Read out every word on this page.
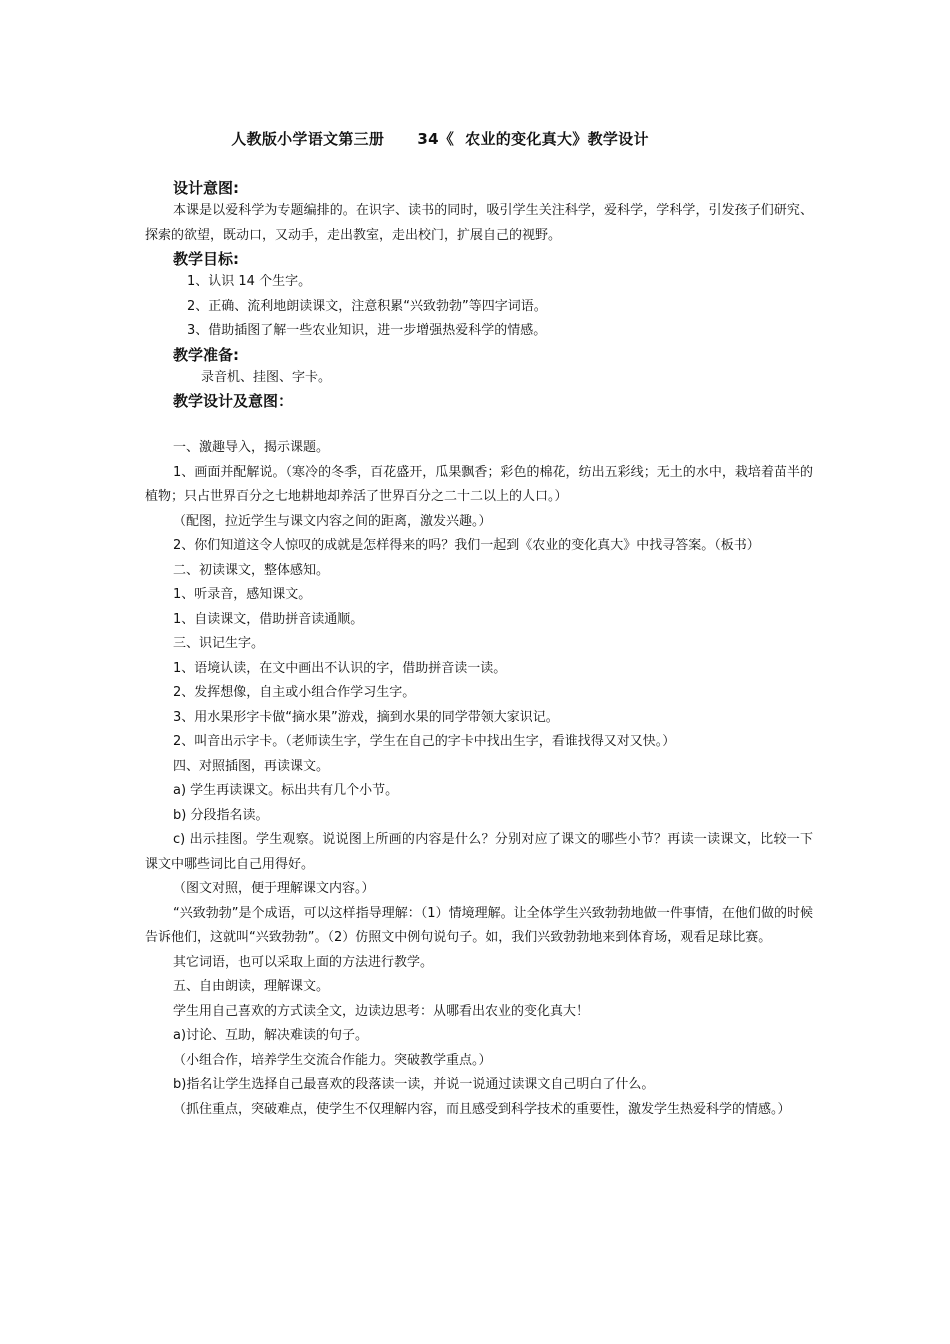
人教版小学语文第三册      34《  农业的变化真大》教学设计

设计意图:

本课是以爱科学为专题编排的。在识字、读书的同时，吸引学生关注科学，爱科学，学科学，引发孩子们研究、探索的欲望，既动口，又动手，走出教室，走出校门，扩展自己的视野。

教学目标:

1、认识 14 个生字。

2、正确、流利地朗读课文，注意积累“兴致勃勃”等四字词语。

3、借助插图了解一些农业知识，进一步增强热爱科学的情感。

教学准备:

录音机、挂图、字卡。

教学设计及意图：

一、激趣导入，揭示课题。

1、画面并配解说。（寒冷的冬季，百花盛开，瓜果飘香；彩色的棉花，纺出五彩线；无土的水中，栽培着苗半的植物；只占世界百分之七地耕地却养活了世界百分之二十二以上的人口。）

（配图，拉近学生与课文内容之间的距离，激发兴趣。）

2、你们知道这令人惊叹的成就是怎样得来的吗？我们一起到《农业的变化真大》中找寻答案。（板书）

二、初读课文，整体感知。

1、听录音，感知课文。

1、自读课文，借助拼音读通顺。

三、识记生字。

1、语境认读，在文中画出不认识的字，借助拼音读一读。

2、发挥想像，自主或小组合作学习生字。

3、用水果形字卡做“摘水果”游戏，摘到水果的同学带领大家识记。

2、叫音出示字卡。（老师读生字，学生在自己的字卡中找出生字，看谁找得又对又快。）

四、对照插图，再读课文。

a) 学生再读课文。标出共有几个小节。

b) 分段指名读。

c) 出示挂图。学生观察。说说图上所画的内容是什么？分别对应了课文的哪些小节？再读一读课文，比较一下课文中哪些词比自己用得好。

（图文对照，便于理解课文内容。）

“兴致勃勃”是个成语，可以这样指导理解：（1）情境理解。让全体学生兴致勃勃地做一件事情，在他们做的时候告诉他们，这就叫“兴致勃勃”。（2）仿照文中例句说句子。如，我们兴致勃勃地来到体育场，观看足球比赛。

其它词语，也可以采取上面的方法进行教学。

五、自由朗读，理解课文。

学生用自己喜欢的方式读全文，边读边思考：从哪看出农业的变化真大！

a)讨论、互助，解决难读的句子。

（小组合作，培养学生交流合作能力。突破教学重点。）

b)指名让学生选择自己最喜欢的段落读一读，并说一说通过读课文自己明白了什么。

（抓住重点，突破难点，使学生不仅理解内容，而且感受到科学技术的重要性，激发学生热爱科学的情感。）
